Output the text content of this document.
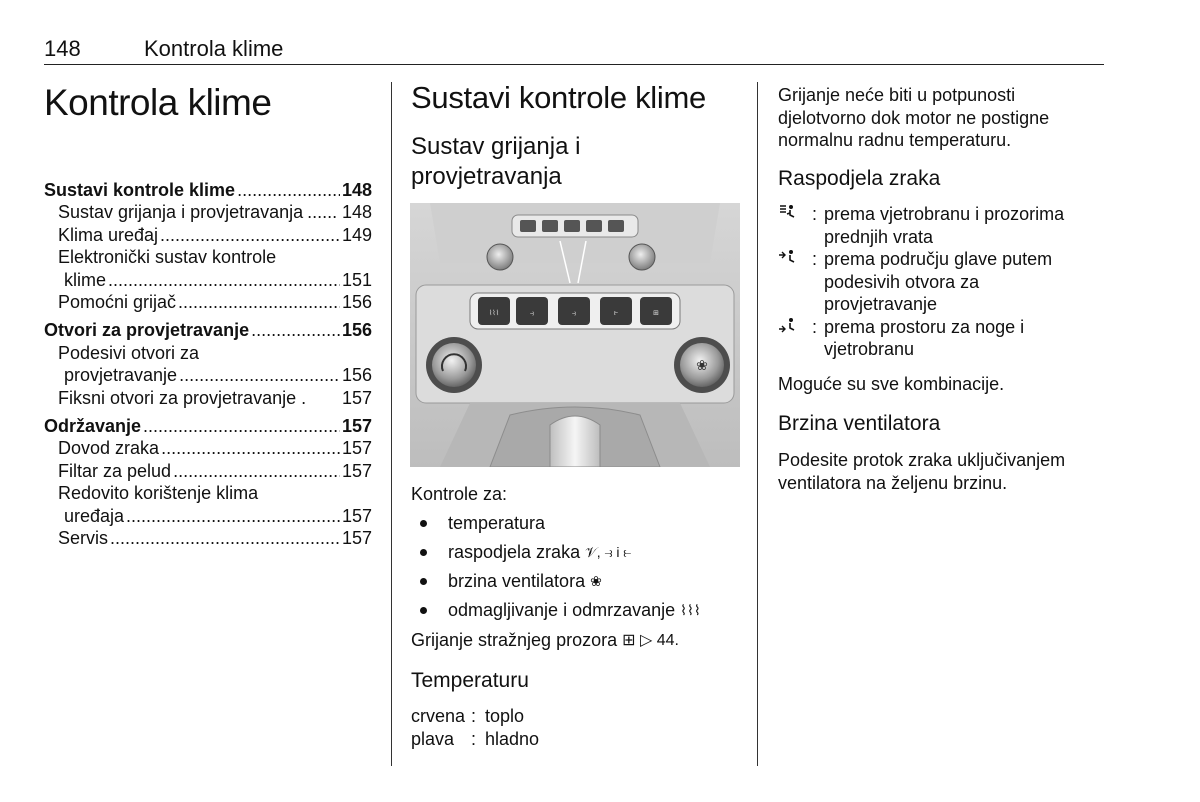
148	Kontrola klime
Kontrola klime
Sustavi kontrole klime .....	148
Sustav grijanja i provjetravanja ..... 148
Klima uređaj .....	149
Elektronički sustav kontrole
klime .....	151
Pomoćni grijač .....	156
Otvori za provjetravanje .....	156
Podesivi otvori za
provjetravanje .....	156
Fiksni otvori za provjetravanje . 157
Održavanje .....	157
Dovod zraka .....	157
Filtar za pelud .....	157
Redovito korištenje klima
uređaja .....	157
Servis .....	157
Sustavi kontrole klime
Sustav grijanja i provjetravanja
⌇⌇⌇	⥽	⥽	⥼	⊞
❀
Kontrole za:
temperatura
raspodjela zraka
𝒱, ⥽ i ⥼
brzina ventilatora
❀
odmagljivanje i odmrzavanje
⌇⌇⌇
Grijanje stražnjeg prozora ⊞ ▷ 44.
Temperaturu
crvena : toplo
plava : hladno
Grijanje neće biti u potpunosti djelotvorno dok motor ne postigne normalnu radnu temperaturu.
Raspodjela zraka
: prema vjetrobranu i prozorima prednjih vrata
: prema području glave putem podesivih otvora za provjetravanje
: prema prostoru za noge i vjetrobranu
Moguće su sve kombinacije.
Brzina ventilatora
Podesite protok zraka uključivanjem ventilatora na željenu brzinu.
